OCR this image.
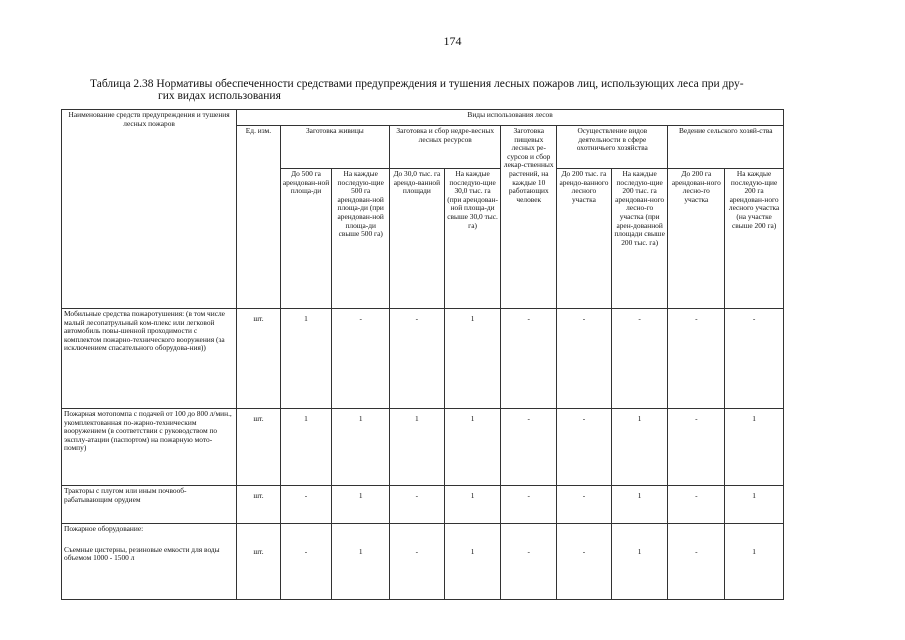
174
Таблица 2.38 Нормативы обеспеченности средствами предупреждения и тушения лесных пожаров лиц, использующих леса при дру-
гих видах использования
Наименование средств предупреждения и тушения лесных пожаров	Виды использования лесов									
	Ед. изм.	Заготовка живицы		Заготовка и сбор недре-весных лесных ресурсов		Заготовка пищевых лесных ре-сурсов и сбор лекар-ственных растений, на каждые 10 работающих человек	Осуществление видов деятельности в сфере охотничьего хозяйства		Ведение сельского хозяй-ства	
		До 500 га арендован-ной площа-ди	На каждые последую-щие 500 га арендован-ной площа-ди (при арендован-ной площа-ди свыше 500 га)	До 30,0 тыс. га арендо-ванной площади	На каждые последую-щие 30,0 тыс. га (при арендован-ной площа-ди свыше 30,0 тыс. га)		До 200 тыс. га арендо-ванного лесного участка	На каждые последую-щие 200 тыс. га арендован-ного лесно-го участка (при арен-дованной площади свыше 200 тыс. га)	До 200 га арендован-ного лесно-го участка	На каждые последую-щие 200 га арендован-ного лесного участка (на участке свыше 200 га)
Мобильные средства пожаротушения: (в том числе малый лесопатрульный ком-плекс или легковой автомобиль повы-шенной проходимости с комплектом пожарно-технического вооружения (за исключением спасательного оборудова-ния))	шт.	1	-	-	1	-	-	-	-	-
Пожарная мотопомпа с подачей от 100 до 800 л/мин., укомплектованная по-жарно-техническим вооружением (в соответствии с руководством по эксплу-атации (паспортом) на пожарную мото-помпу)	шт.	1	1	1	1	-	-	1	-	1
Тракторы с плугом или иным почвооб-рабатывающим орудием	шт.	-	1	-	1	-	-	1	-	1
Пожарное оборудование:
Съемные цистерны, резиновые емкости для воды объемом 1000 - 1500 л	шт.	-	1	-	1	-	-	1	-	1
